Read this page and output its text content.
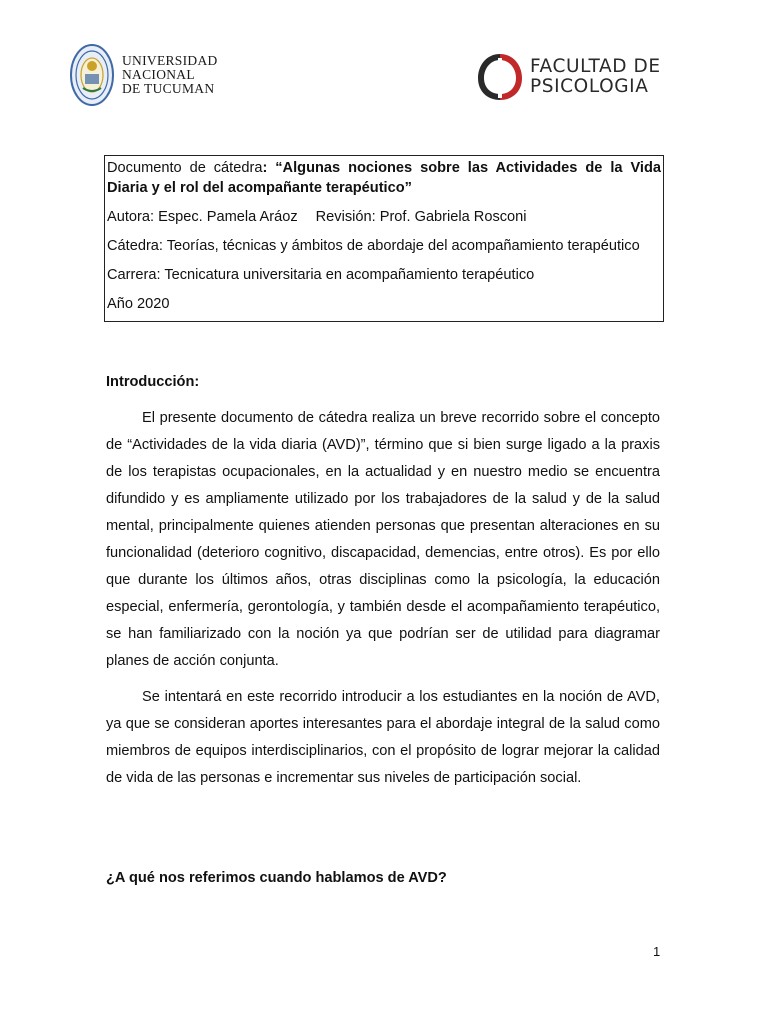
UNIVERSIDAD
NACIONAL
DE TUCUMAN
FACULTAD DE
PSICOLOGIA

Documento de cátedra: “Algunas nociones sobre las Actividades de la Vida Diaria y el rol del acompañante terapéutico”

Autora: Espec. Pamela Aráoz Revisión: Prof. Gabriela Rosconi

Cátedra: Teorías, técnicas y ámbitos de abordaje del acompañamiento terapéutico

Carrera: Tecnicatura universitaria en acompañamiento terapéutico

Año 2020

Introducción:

El presente documento de cátedra realiza un breve recorrido sobre el concepto de “Actividades de la vida diaria (AVD)”, término que si bien surge ligado a la praxis de los terapistas ocupacionales, en la actualidad y en nuestro medio se encuentra difundido y es ampliamente utilizado por los trabajadores de la salud y de la salud mental, principalmente quienes atienden personas que presentan alteraciones en su funcionalidad (deterioro cognitivo, discapacidad, demencias, entre otros). Es por ello que durante los últimos años, otras disciplinas como la psicología, la educación especial, enfermería, gerontología, y también desde el acompañamiento terapéutico, se han familiarizado con la noción ya que podrían ser de utilidad para diagramar planes de acción conjunta.

Se intentará en este recorrido introducir a los estudiantes en la noción de AVD, ya que se consideran aportes interesantes para el abordaje integral de la salud como miembros de equipos interdisciplinarios, con el propósito de lograr mejorar la calidad de vida de las personas e incrementar sus niveles de participación social.

¿A qué nos referimos cuando hablamos de AVD?

1
